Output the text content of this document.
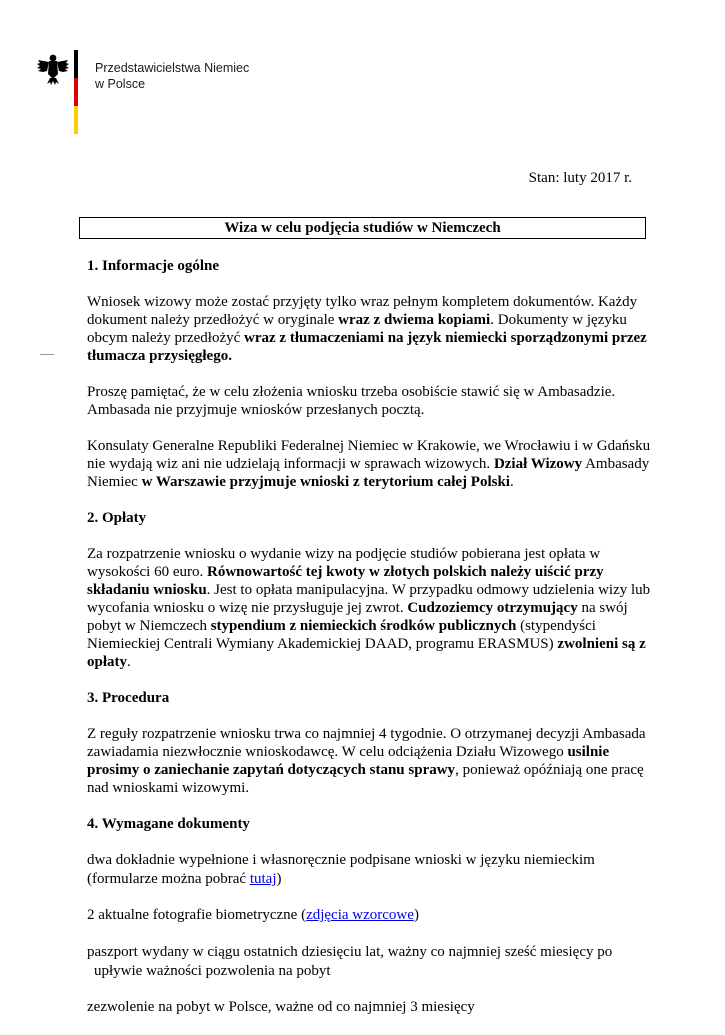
Przedstawicielstwa Niemiec
w Polsce
Stan: luty 2017 r.
Wiza w celu podjęcia studiów w Niemczech
1. Informacje ogólne

Wniosek wizowy może zostać przyjęty tylko wraz pełnym kompletem dokumentów. Każdy dokument należy przedłożyć w oryginale wraz z dwiema kopiami. Dokumenty w języku obcym należy przedłożyć wraz z tłumaczeniami na język niemiecki sporządzonymi przez tłumacza przysięgłego.

Proszę pamiętać, że w celu złożenia wniosku trzeba osobiście stawić się w Ambasadzie. Ambasada nie przyjmuje wniosków przesłanych pocztą.

Konsulaty Generalne Republiki Federalnej Niemiec w Krakowie, we Wrocławiu i w Gdańsku nie wydają wiz ani nie udzielają informacji w sprawach wizowych. Dział Wizowy Ambasady Niemiec w Warszawie przyjmuje wnioski z terytorium całej Polski.

2. Opłaty

Za rozpatrzenie wniosku o wydanie wizy na podjęcie studiów pobierana jest opłata w wysokości 60 euro. Równowartość tej kwoty w złotych polskich należy uiścić przy składaniu wniosku. Jest to opłata manipulacyjna. W przypadku odmowy udzielenia wizy lub wycofania wniosku o wizę nie przysługuje jej zwrot. Cudzoziemcy otrzymujący na swój pobyt w Niemczech stypendium z niemieckich środków publicznych (stypendyści Niemieckiej Centrali Wymiany Akademickiej DAAD, programu ERASMUS) zwolnieni są z opłaty.

3. Procedura

Z reguły rozpatrzenie wniosku trwa co najmniej 4 tygodnie. O otrzymanej decyzji Ambasada zawiadamia niezwłocznie wnioskodawcę. W celu odciążenia Działu Wizowego usilnie prosimy o zaniechanie zapytań dotyczących stanu sprawy, ponieważ opóźniają one pracę nad wnioskami wizowymi.

4. Wymagane dokumenty
dwa dokładnie wypełnione i własnoręcznie podpisane wnioski w języku niemieckim (formularze można pobrać tutaj)
2 aktualne fotografie biometryczne (zdjęcia wzorcowe)
paszport wydany w ciągu ostatnich dziesięciu lat, ważny co najmniej sześć miesięcy po upływie ważności pozwolenia na pobyt
zezwolenie na pobyt w Polsce, ważne od co najmniej 3 miesięcy
